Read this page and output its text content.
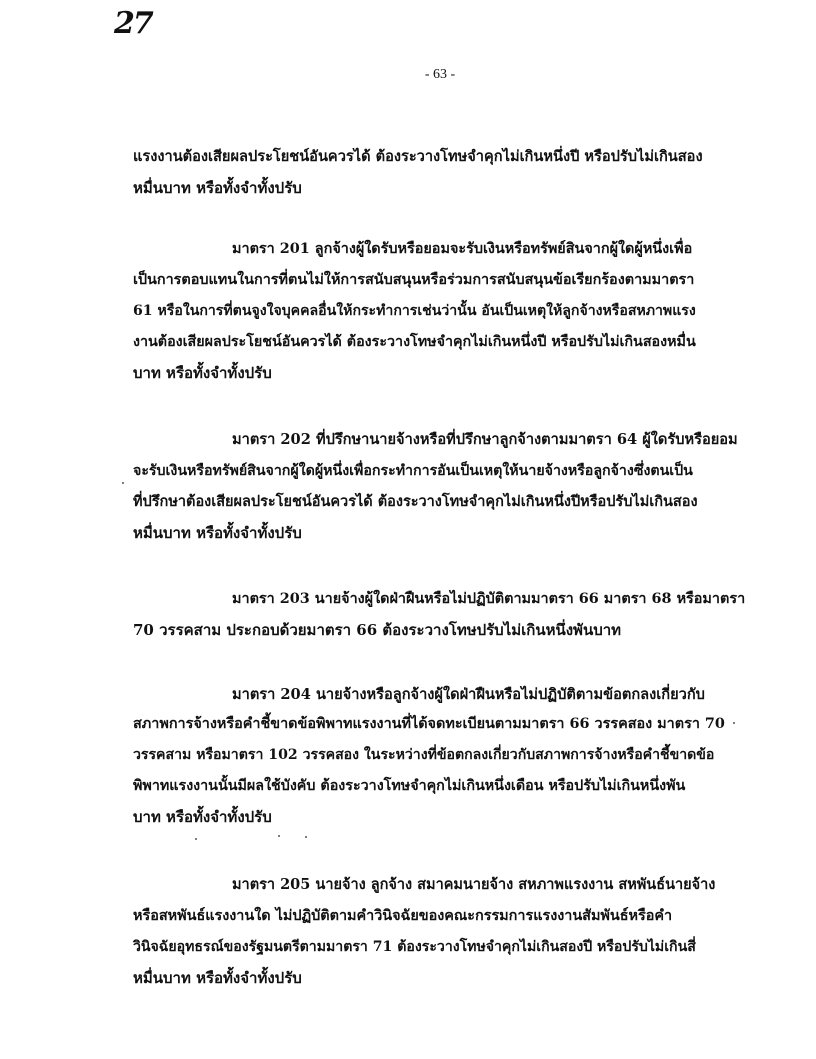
27
- 63 -
แรงงานต้องเสียผลประโยชน์อันควรได้ ต้องระวางโทษจำคุกไม่เกินหนึ่งปี หรือปรับไม่เกินสอง
หมื่นบาท หรือทั้งจำทั้งปรับ
มาตรา 201 ลูกจ้างผู้ใดรับหรือยอมจะรับเงินหรือทรัพย์สินจากผู้ใดผู้หนึ่งเพื่อ
เป็นการตอบแทนในการที่ตนไม่ให้การสนับสนุนหรือร่วมการสนับสนุนข้อเรียกร้องตามมาตรา
61 หรือในการที่ตนจูงใจบุคคลอื่นให้กระทำการเช่นว่านั้น อันเป็นเหตุให้ลูกจ้างหรือสหภาพแรง
งานต้องเสียผลประโยชน์อันควรได้ ต้องระวางโทษจำคุกไม่เกินหนึ่งปี หรือปรับไม่เกินสองหมื่น
บาท หรือทั้งจำทั้งปรับ
มาตรา 202 ที่ปรึกษานายจ้างหรือที่ปรึกษาลูกจ้างตามมาตรา 64 ผู้ใดรับหรือยอม
จะรับเงินหรือทรัพย์สินจากผู้ใดผู้หนึ่งเพื่อกระทำการอันเป็นเหตุให้นายจ้างหรือลูกจ้างซึ่งตนเป็น
ที่ปรึกษาต้องเสียผลประโยชน์อันควรได้ ต้องระวางโทษจำคุกไม่เกินหนึ่งปีหรือปรับไม่เกินสอง
หมื่นบาท หรือทั้งจำทั้งปรับ
มาตรา 203 นายจ้างผู้ใดฝ่าฝืนหรือไม่ปฏิบัติตามมาตรา 66 มาตรา 68 หรือมาตรา
70 วรรคสาม ประกอบด้วยมาตรา 66 ต้องระวางโทษปรับไม่เกินหนึ่งพันบาท
มาตรา 204 นายจ้างหรือลูกจ้างผู้ใดฝ่าฝืนหรือไม่ปฏิบัติตามข้อตกลงเกี่ยวกับ
สภาพการจ้างหรือคำชี้ขาดข้อพิพาทแรงงานที่ได้จดทะเบียนตามมาตรา 66 วรรคสอง มาตรา 70
วรรคสาม หรือมาตรา 102 วรรคสอง ในระหว่างที่ข้อตกลงเกี่ยวกับสภาพการจ้างหรือคำชี้ขาดข้อ
พิพาทแรงงานนั้นมีผลใช้บังคับ ต้องระวางโทษจำคุกไม่เกินหนึ่งเดือน หรือปรับไม่เกินหนึ่งพัน
บาท หรือทั้งจำทั้งปรับ
มาตรา 205 นายจ้าง ลูกจ้าง สมาคมนายจ้าง สหภาพแรงงาน สหพันธ์นายจ้าง
หรือสหพันธ์แรงงานใด ไม่ปฏิบัติตามคำวินิจฉัยของคณะกรรมการแรงงานสัมพันธ์หรือคำ
วินิจฉัยอุทธรณ์ของรัฐมนตรีตามมาตรา 71 ต้องระวางโทษจำคุกไม่เกินสองปี หรือปรับไม่เกินสี่
หมื่นบาท หรือทั้งจำทั้งปรับ
